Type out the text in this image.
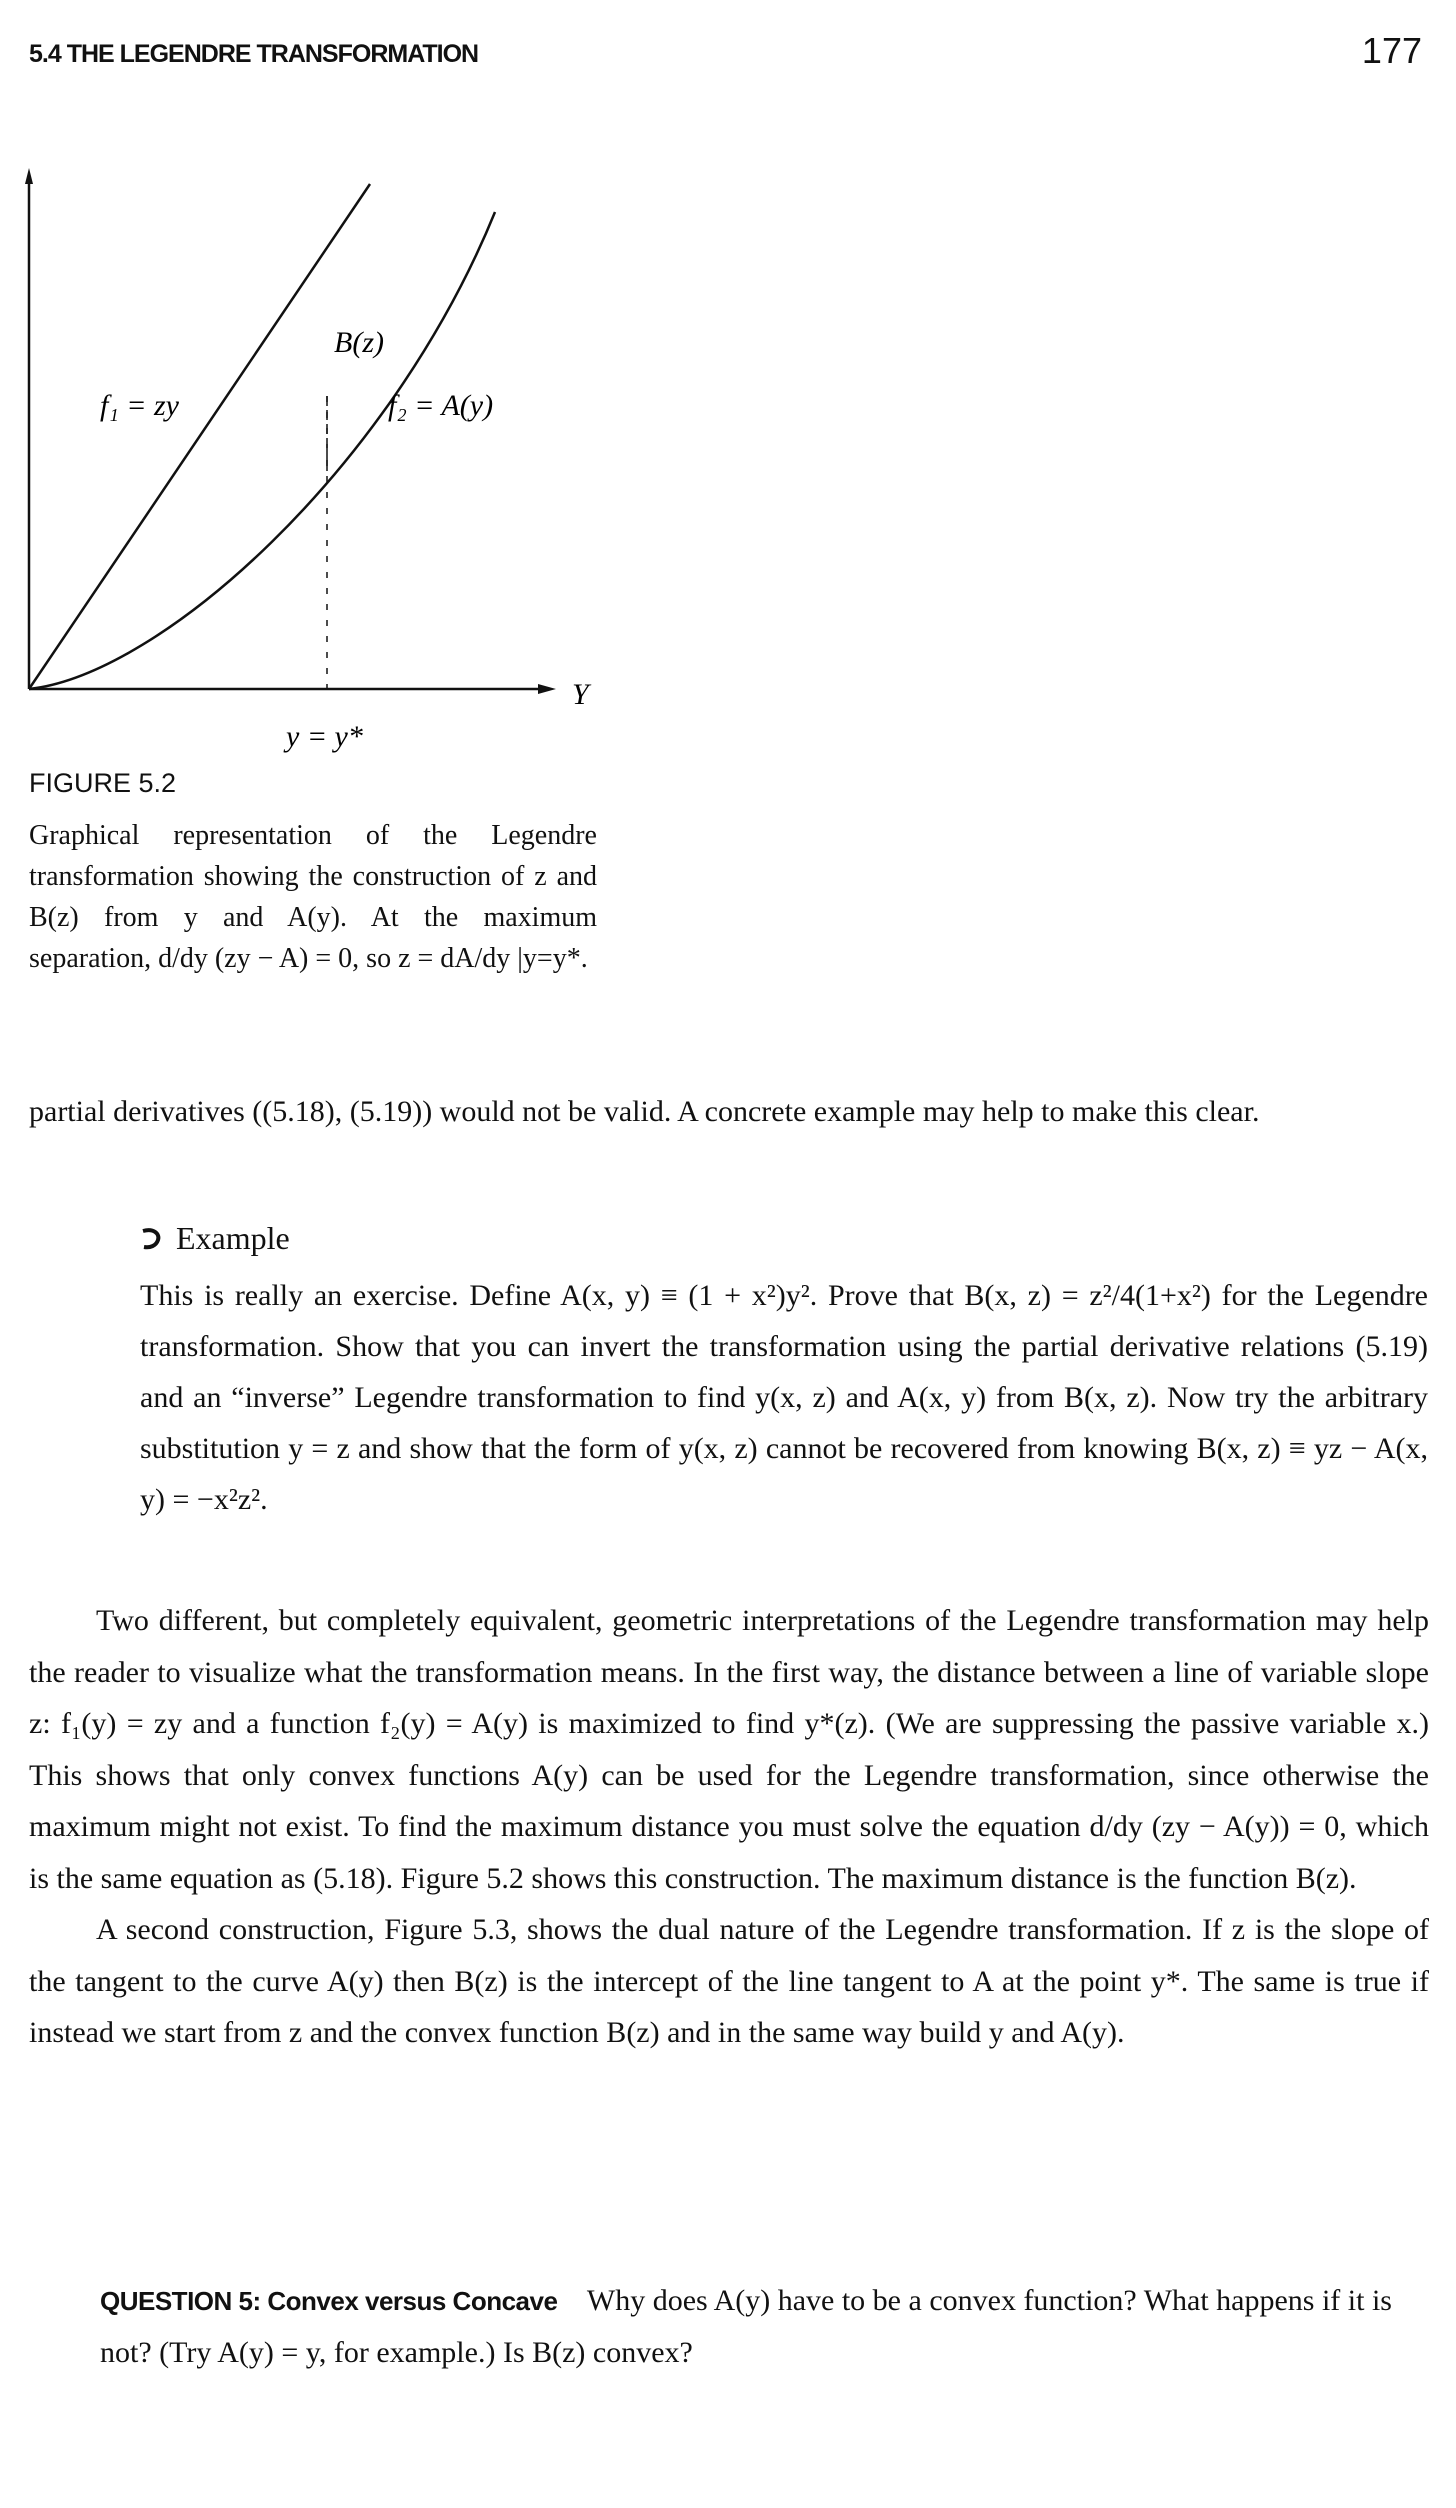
5.4 THE LEGENDRE TRANSFORMATION	177
B(z)
f₁ = zy	f₂ = A(y)
y = y*
Y
FIGURE 5.2
Graphical representation of the Legendre transformation showing the construction of z and B(z) from y and A(y). At the maximum separation, d/dy (zy − A) = 0, so z = dA/dy |y=y*.
partial derivatives ((5.18), (5.19)) would not be valid. A concrete example may help to make this clear.
Example
This is really an exercise. Define A(x, y) ≡ (1 + x²)y². Prove that B(x, z) = z²/4(1+x²) for the Legendre transformation. Show that you can invert the transformation using the partial derivative relations (5.19) and an “inverse” Legendre transformation to find y(x, z) and A(x, y) from B(x, z). Now try the arbitrary substitution y = z and show that the form of y(x, z) cannot be recovered from knowing B(x, z) ≡ yz − A(x, y) = −x²z².

Two different, but completely equivalent, geometric interpretations of the Legendre transformation may help the reader to visualize what the transformation means. In the first way, the distance between a line of variable slope z: f₁(y) = zy and a function f₂(y) = A(y) is maximized to find y*(z). (We are suppressing the passive variable x.) This shows that only convex functions A(y) can be used for the Legendre transformation, since otherwise the maximum might not exist. To find the maximum distance you must solve the equation d/dy (zy − A(y)) = 0, which is the same equation as (5.18). Figure 5.2 shows this construction. The maximum distance is the function B(z).

A second construction, Figure 5.3, shows the dual nature of the Legendre transformation. If z is the slope of the tangent to the curve A(y) then B(z) is the intercept of the line tangent to A at the point y*. The same is true if instead we start from z and the convex function B(z) and in the same way build y and A(y).

QUESTION 5: Convex versus Concave Why does A(y) have to be a convex function? What happens if it is not? (Try A(y) = y, for example.) Is B(z) convex?
